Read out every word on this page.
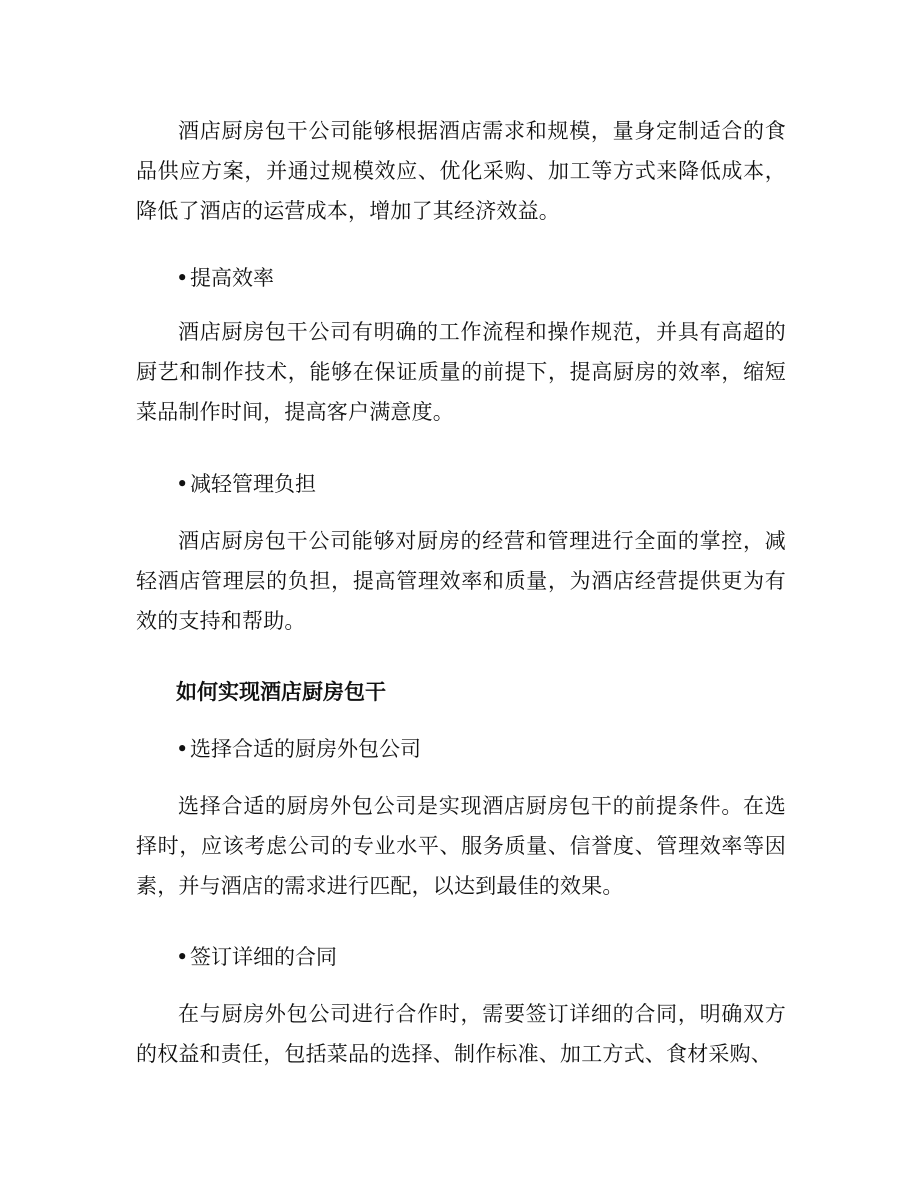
酒店厨房包干公司能够根据酒店需求和规模，量身定制适合的食品供应方案，并通过规模效应、优化采购、加工等方式来降低成本，降低了酒店的运营成本，增加了其经济效益。

•提高效率

酒店厨房包干公司有明确的工作流程和操作规范，并具有高超的厨艺和制作技术，能够在保证质量的前提下，提高厨房的效率，缩短菜品制作时间，提高客户满意度。

•减轻管理负担

酒店厨房包干公司能够对厨房的经营和管理进行全面的掌控，减轻酒店管理层的负担，提高管理效率和质量，为酒店经营提供更为有效的支持和帮助。

如何实现酒店厨房包干

•选择合适的厨房外包公司

选择合适的厨房外包公司是实现酒店厨房包干的前提条件。在选择时，应该考虑公司的专业水平、服务质量、信誉度、管理效率等因素，并与酒店的需求进行匹配，以达到最佳的效果。

•签订详细的合同

在与厨房外包公司进行合作时，需要签订详细的合同，明确双方的权益和责任，包括菜品的选择、制作标准、加工方式、食材采购、
